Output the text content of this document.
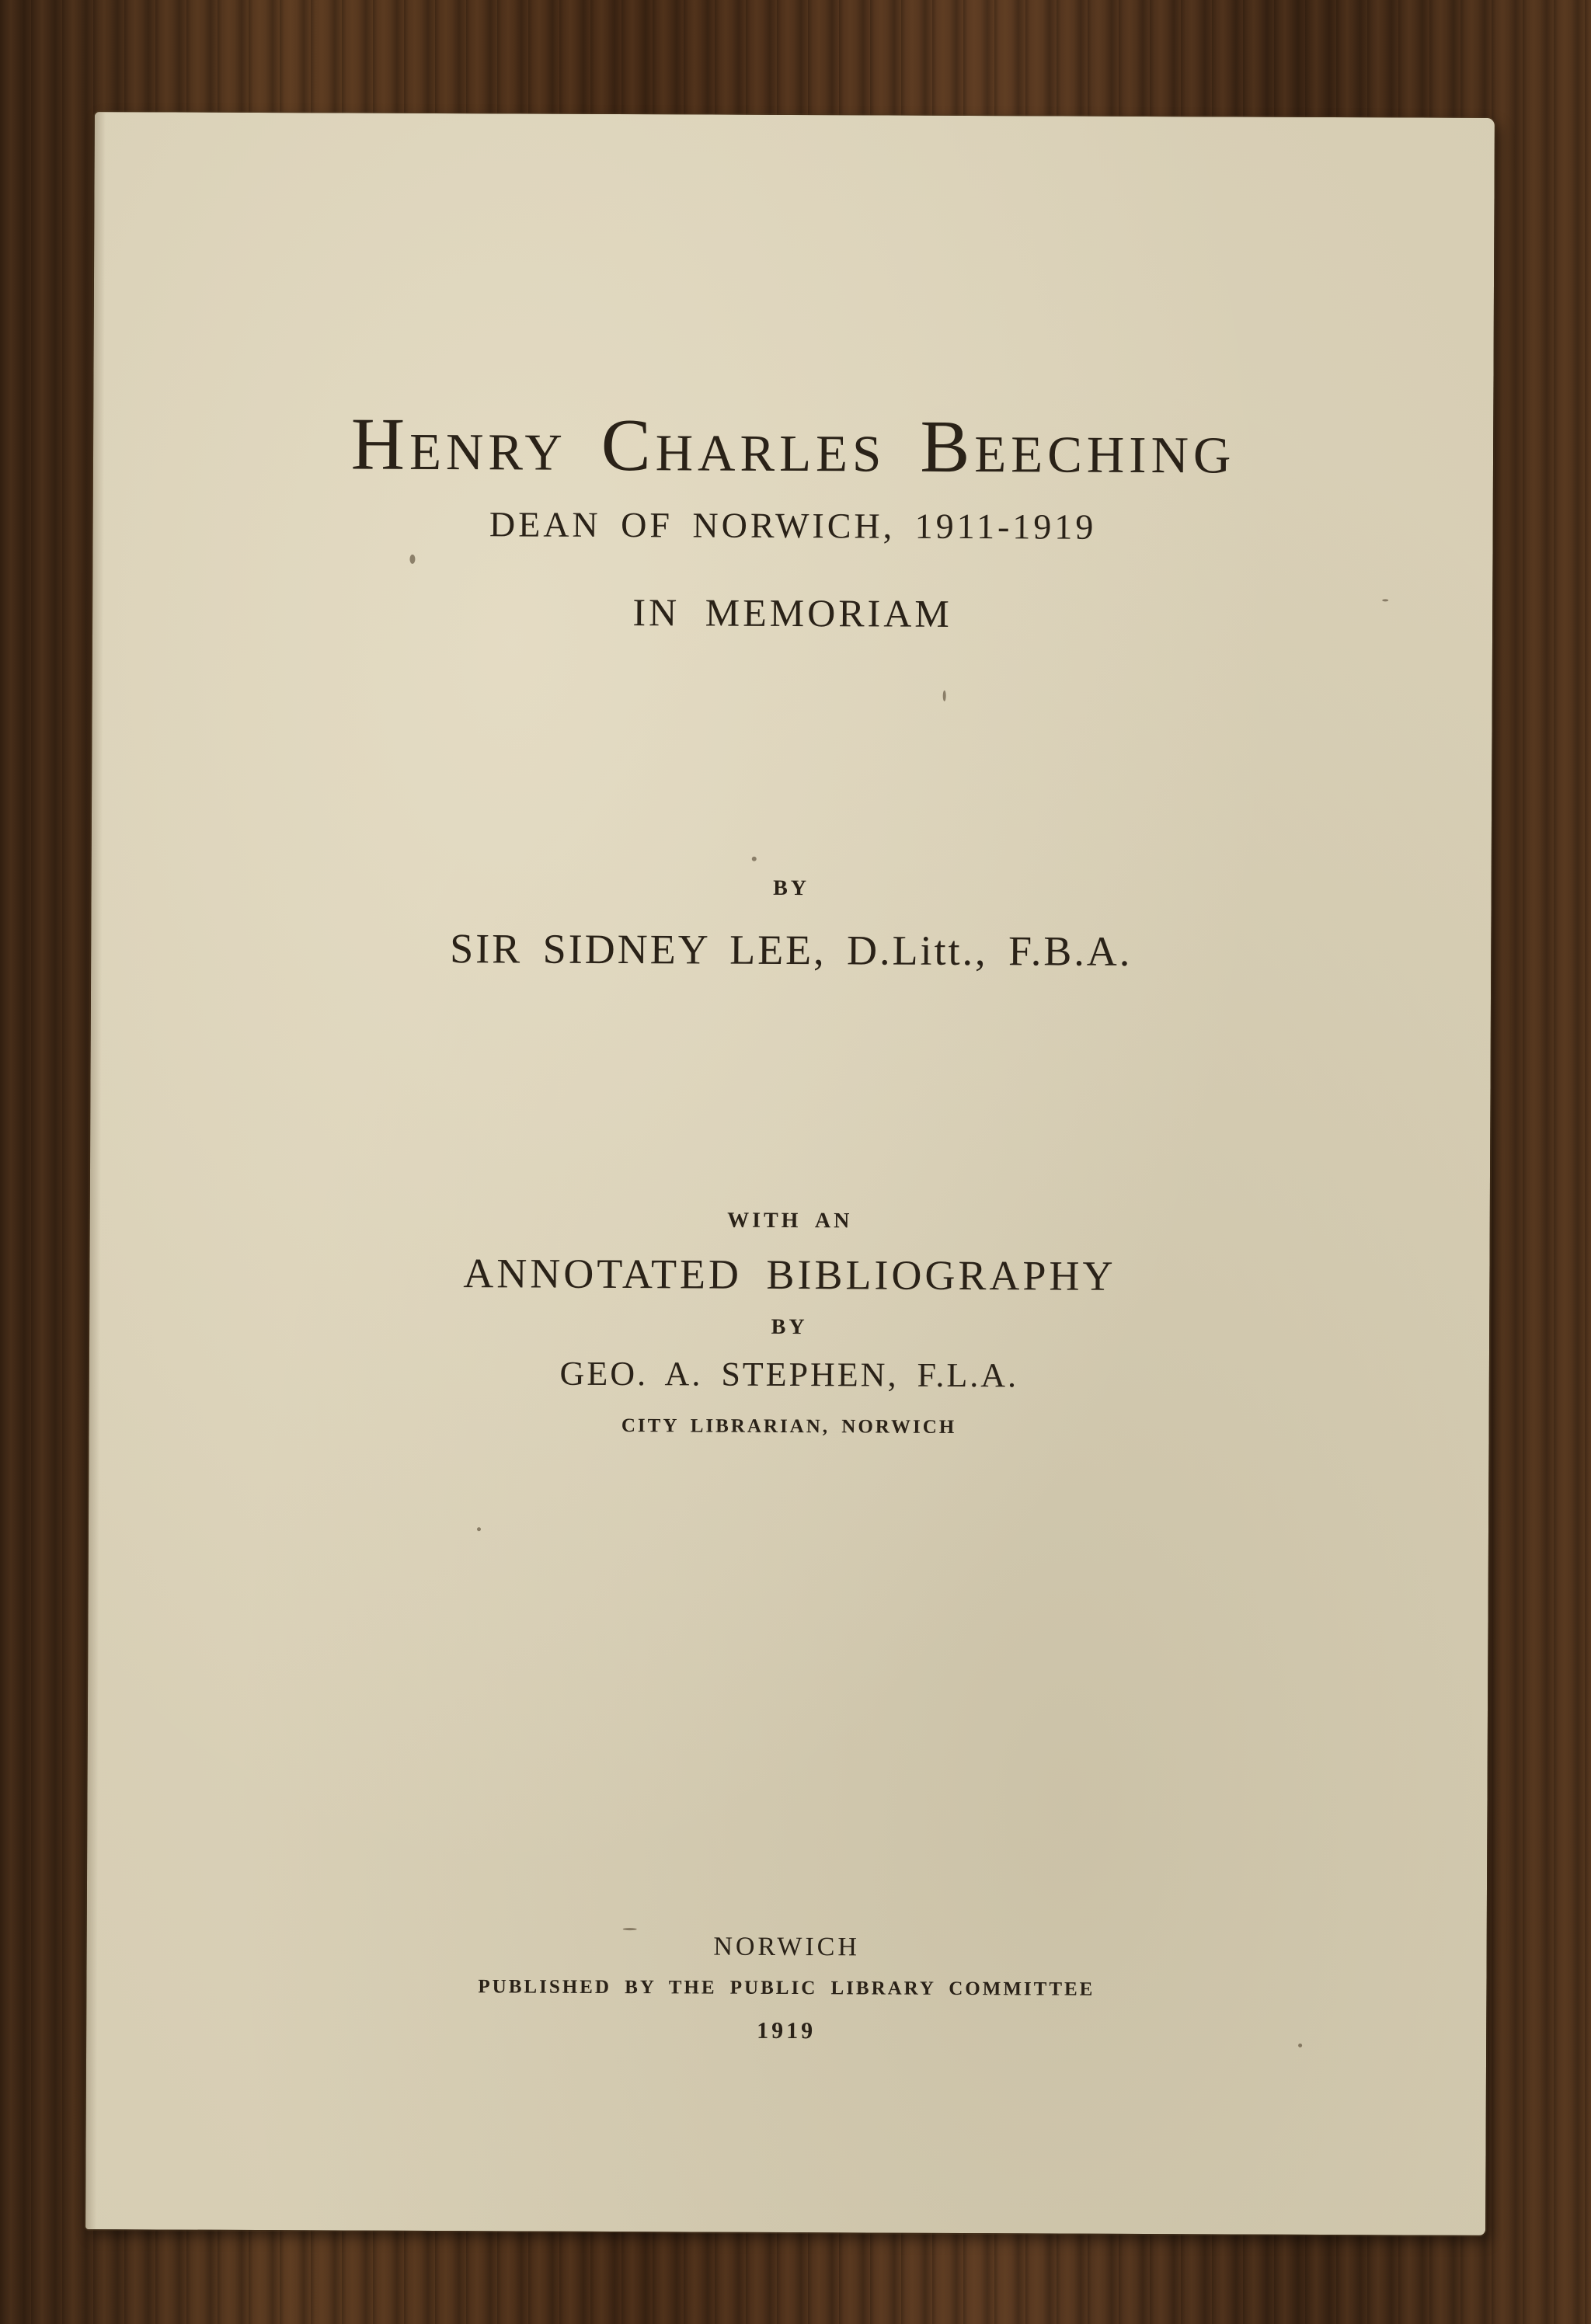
Henry Charles Beeching
DEAN OF NORWICH, 1911-1919
IN MEMORIAM
BY
SIR SIDNEY LEE, D.Litt., F.B.A.
WITH AN
ANNOTATED BIBLIOGRAPHY
BY
GEO. A. STEPHEN, F.L.A.
CITY LIBRARIAN, NORWICH
NORWICH
PUBLISHED BY THE PUBLIC LIBRARY COMMITTEE
1919
